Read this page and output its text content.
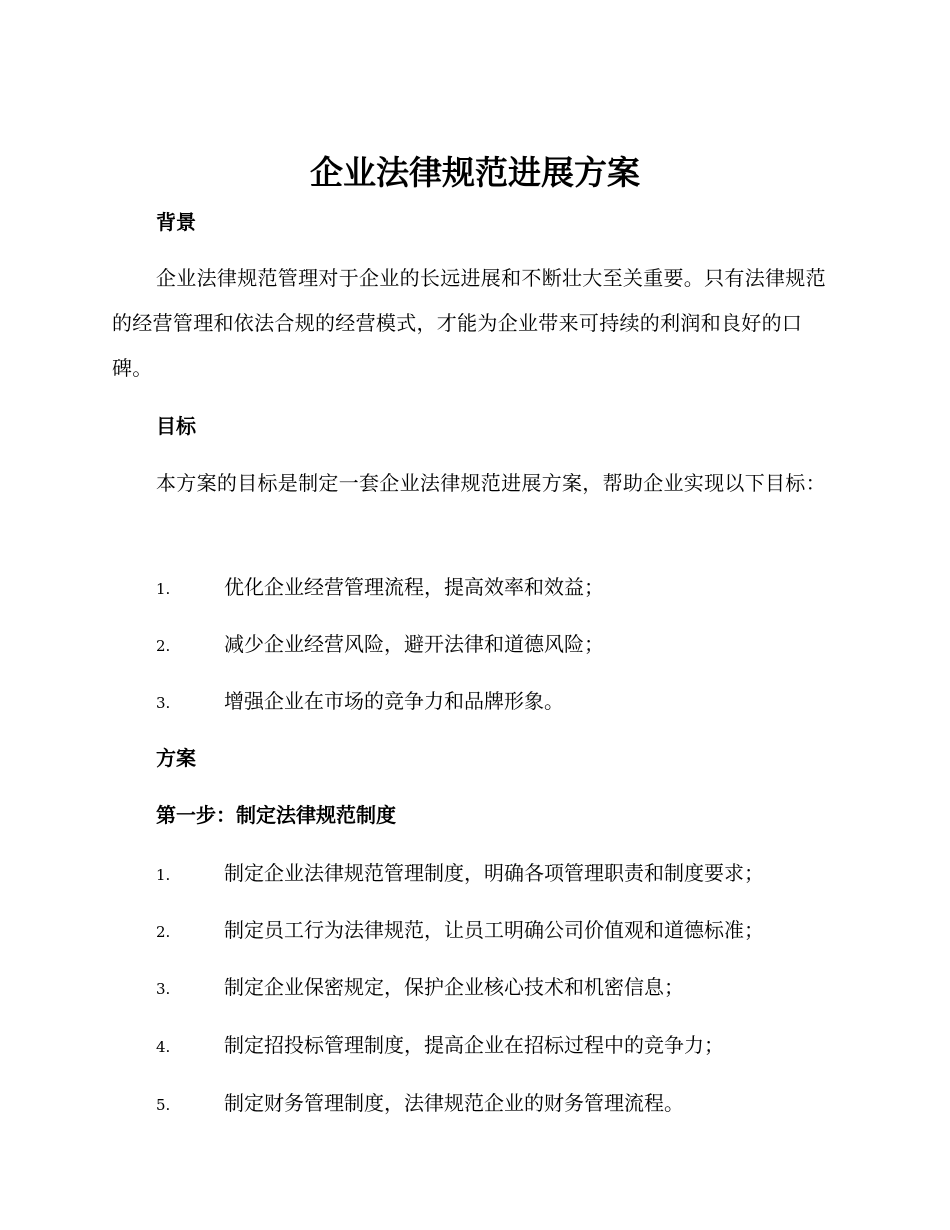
企业法律规范进展方案
背景
企业法律规范管理对于企业的长远进展和不断壮大至关重要。只有法律规范的经营管理和依法合规的经营模式，才能为企业带来可持续的利润和良好的口碑。
目标
本方案的目标是制定一套企业法律规范进展方案，帮助企业实现以下目标：
1.	优化企业经营管理流程，提高效率和效益；
2.	减少企业经营风险，避开法律和道德风险；
3.	增强企业在市场的竞争力和品牌形象。
方案
第一步：制定法律规范制度
1.	制定企业法律规范管理制度，明确各项管理职责和制度要求；
2.	制定员工行为法律规范，让员工明确公司价值观和道德标准；
3.	制定企业保密规定，保护企业核心技术和机密信息；
4.	制定招投标管理制度，提高企业在招标过程中的竞争力；
5.	制定财务管理制度，法律规范企业的财务管理流程。
